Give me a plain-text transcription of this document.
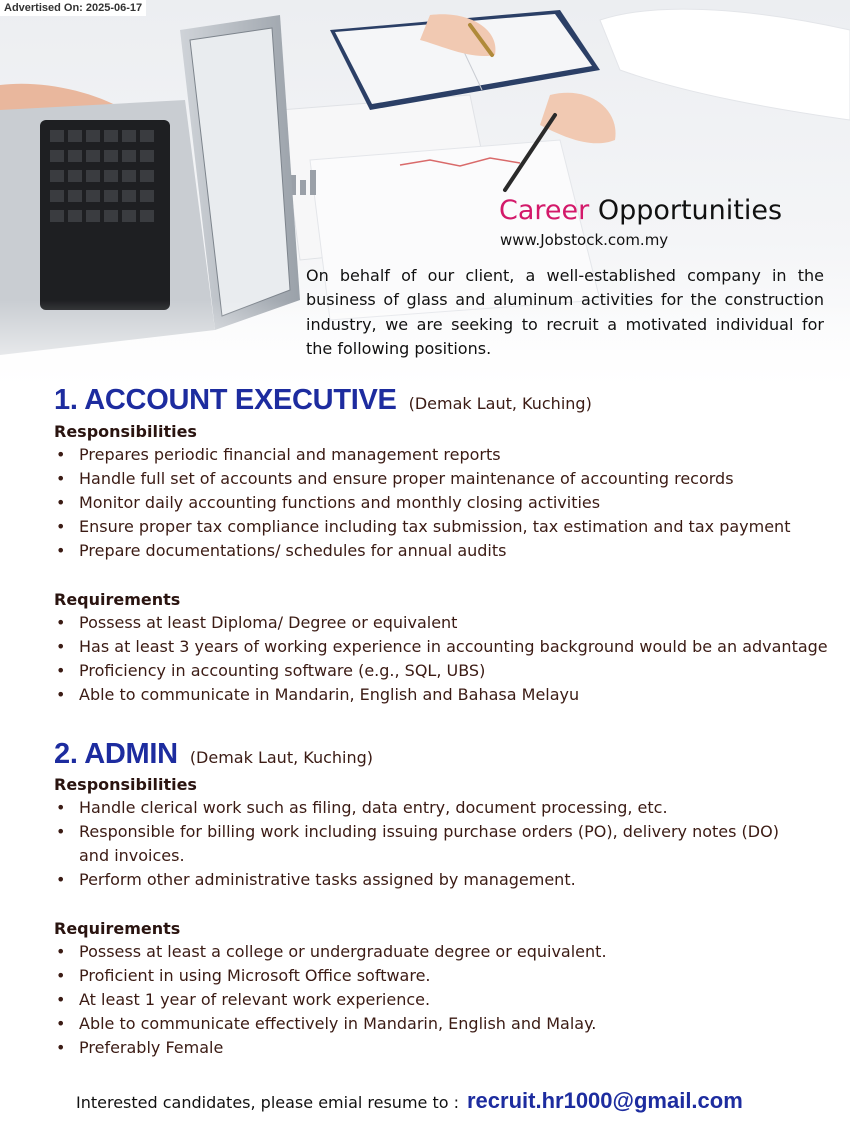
Advertised On: 2025-06-17
Career Opportunities
www.Jobstock.com.my
On behalf of our client, a well-established company in the business of glass and aluminum activities for the construction industry, we are seeking to recruit a motivated individual for the following positions.
1. ACCOUNT EXECUTIVE (Demak Laut, Kuching)
Responsibilities
• Prepares periodic financial and management reports
• Handle full set of accounts and ensure proper maintenance of accounting records
• Monitor daily accounting functions and monthly closing activities
• Ensure proper tax compliance including tax submission, tax estimation and tax payment
• Prepare documentations/ schedules for annual audits
Requirements
• Possess at least Diploma/ Degree or equivalent
• Has at least 3 years of working experience in accounting background would be an advantage
• Proficiency in accounting software (e.g., SQL, UBS)
• Able to communicate in Mandarin, English and Bahasa Melayu
2. ADMIN (Demak Laut, Kuching)
Responsibilities
• Handle clerical work such as filing, data entry, document processing, etc.
• Responsible for billing work including issuing purchase orders (PO), delivery notes (DO) and invoices.
• Perform other administrative tasks assigned by management.
Requirements
• Possess at least a college or undergraduate degree or equivalent.
• Proficient in using Microsoft Office software.
• At least 1 year of relevant work experience.
• Able to communicate effectively in Mandarin, English and Malay.
• Preferably Female
Interested candidates, please emial resume to : recruit.hr1000@gmail.com
